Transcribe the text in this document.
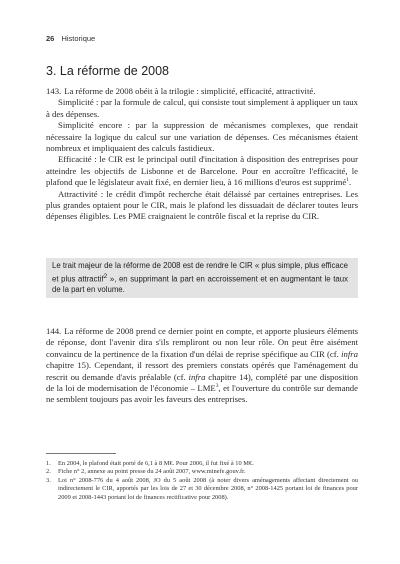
26 Historique
3. La réforme de 2008

143. La réforme de 2008 obéit à la trilogie : simplicité, efficacité, attractivité.

Simplicité : par la formule de calcul, qui consiste tout simplement à appliquer un taux à des dépenses.

Simplicité encore : par la suppression de mécanismes complexes, que rendait nécessaire la logique du calcul sur une variation de dépenses. Ces mécanismes étaient nombreux et impliquaient des calculs fastidieux.

Efficacité : le CIR est le principal outil d'incitation à disposition des entreprises pour atteindre les objectifs de Lisbonne et de Barcelone. Pour en accroître l'efficacité, le plafond que le législateur avait fixé, en dernier lieu, à 16 millions d'euros est supprimé$^1$.

Attractivité : le crédit d'impôt recherche était délaissé par certaines entreprises. Les plus grandes optaient pour le CIR, mais le plafond les dissuadait de déclarer toutes leurs dépenses éligibles. Les PME craignaient le contrôle fiscal et la reprise du CIR.

Le trait majeur de la réforme de 2008 est de rendre le CIR « plus simple, plus efficace et plus attractif$^2$ », en supprimant la part en accroissement et en augmentant le taux de la part en volume.

144. La réforme de 2008 prend ce dernier point en compte, et apporte plusieurs éléments de réponse, dont l'avenir dira s'ils rempliront ou non leur rôle. On peut être aisément convaincu de la pertinence de la fixation d'un délai de reprise spécifique au CIR (cf. infra chapitre 15). Cependant, il ressort des premiers constats opérés que l'aménagement du rescrit ou demande d'avis préalable (cf. infra chapitre 14), complété par une disposition de la loi de modernisation de l'économie – LME$^3$, et l'ouverture du contrôle sur demande ne semblent toujours pas avoir les faveurs des entreprises.

1.	En 2004, le plafond était porté de 6,1 à 8 M€. Pour 2006, il fut fixé à 10 M€.
2.	Fiche n° 2, annexe au point presse du 24 août 2007, www.minefe.gouv.fr.
3.	Loi n° 2008-776 du 4 août 2008, JO du 5 août 2008 (à noter divers aménagements affectant directement ou indirectement le CIR, apportés par les lois de 27 et 30 décembre 2008, n° 2008-1425 portant loi de finances pour 2009 et 2008-1443 portant loi de finances rectificative pour 2008).
